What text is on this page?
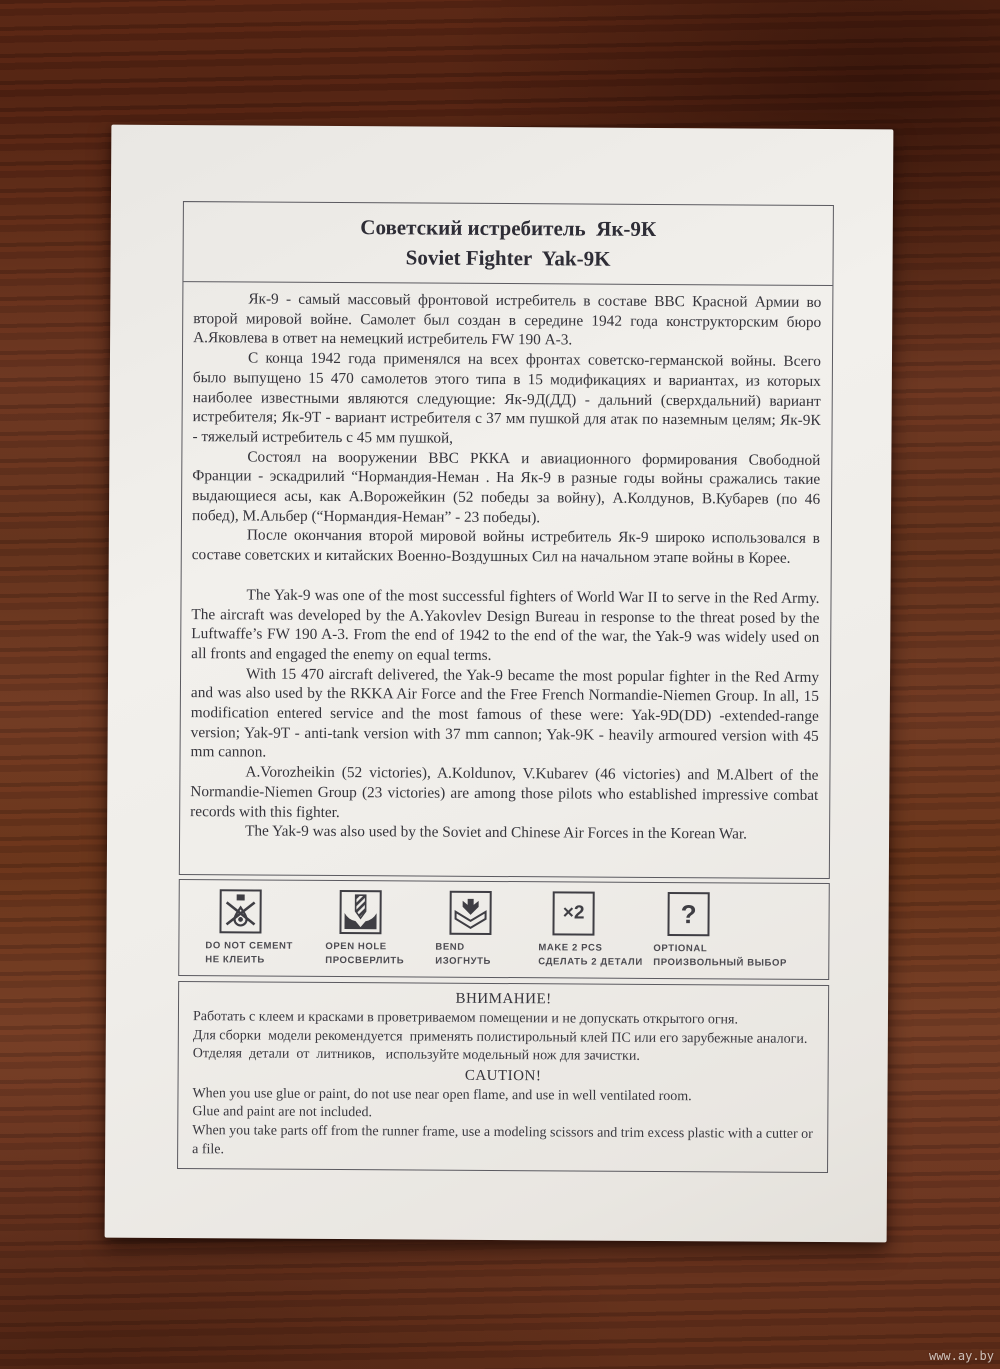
Советский истребитель  Як-9К
Soviet Fighter  Yak-9K

Як-9 - самый массовый фронтовой истребитель в составе ВВС Красной Армии во второй мировой войне. Самолет был создан в середине 1942 года конструкторским бюро А.Яковлева в ответ на немецкий истребитель FW 190 А-3.

С конца 1942 года применялся на всех фронтах советско-германской войны. Всего было выпущено 15 470 самолетов этого типа в 15 модификациях и вариантах, из которых наиболее известными являются следующие: Як-9Д(ДД) - дальний (сверхдальний) вариант истребителя; Як-9Т - вариант истребителя с 37 мм пушкой для атак по наземным целям; Як-9К - тяжелый истребитель с 45 мм пушкой,

Состоял на вооружении ВВС РККА и авиационного формирования Свободной Франции - эскадрилий “Нормандия-Неман . На Як-9 в разные годы войны сражались такие выдающиеся асы, как А.Ворожейкин (52 победы за войну), А.Колдунов, В.Кубарев (по 46 побед), М.Альбер (“Нормандия-Неман” - 23 победы).

После окончания второй мировой войны истребитель Як-9 широко использовался в составе советских и китайских Военно-Воздушных Сил на начальном этапе войны в Корее.

The Yak-9 was one of the most successful fighters of World War II to serve in the Red Army. The aircraft was developed by the A.Yakovlev Design Bureau in response to the threat posed by the Luftwaffe’s FW 190 A-3. From the end of 1942 to the end of the war, the Yak-9 was widely used on all fronts and engaged the enemy on equal terms.

With 15 470 aircraft delivered, the Yak-9 became the most popular fighter in the Red Army and was also used by the RKKA Air Force and the Free French Normandie-Niemen Group. In all, 15 modification entered service and the most famous of these were: Yak-9D(DD) -extended-range version; Yak-9T - anti-tank version with 37 mm cannon; Yak-9K - heavily armoured version with 45 mm cannon.

A.Vorozheikin (52 victories), A.Koldunov, V.Kubarev (46 victories) and M.Albert of the Normandie-Niemen Group (23 victories) are among those pilots who established impressive combat records with this fighter.

The Yak-9 was also used by the Soviet and Chinese Air Forces in the Korean War.

DO NOT CEMENT
НЕ КЛЕИТЬ
OPEN HOLE
ПРОСВЕРЛИТЬ
BEND
ИЗОГНУТЬ
×2
MAKE 2 PCS
СДЕЛАТЬ 2 ДЕТАЛИ
?
OPTIONAL
ПРОИЗВОЛЬНЫЙ ВЫБОР
ВНИМАНИЕ!

Работать с клеем и красками в проветриваемом помещении и не допускать открытого огня.

Для сборки  модели рекомендуется  применять полистирольный клей ПС или его зарубежные аналоги.

Отделяя  детали  от  литников,   используйте модельный нож для зачистки.

CAUTION!

When you use glue or paint, do not use near open flame, and use in well ventilated room.

Glue and paint are not included.

When you take parts off from the runner frame, use a modeling scissors and trim excess plastic with a cutter or a file.

www.ay.by
